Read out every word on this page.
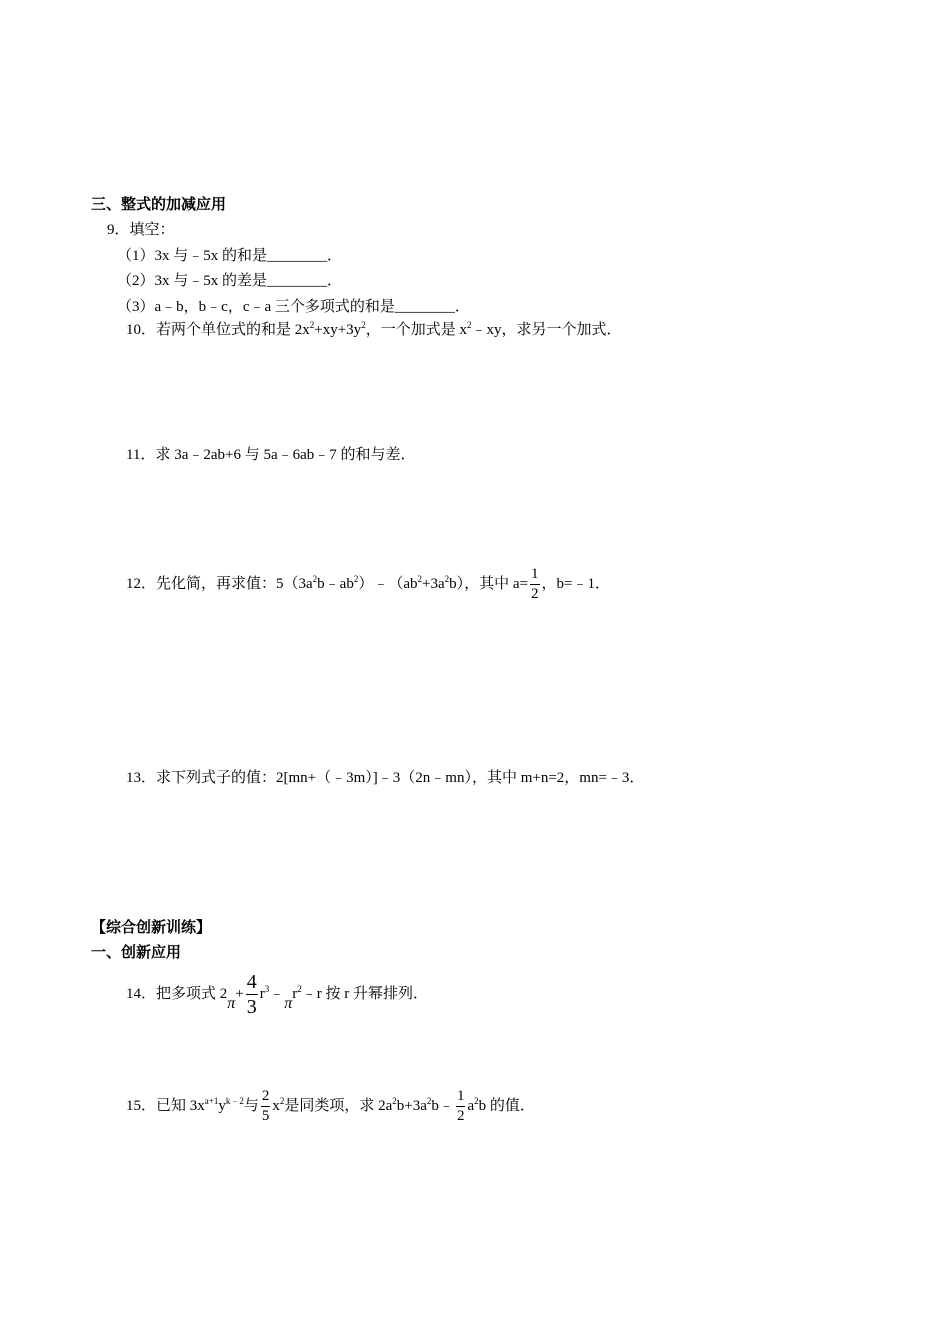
三、整式的加减应用
9．填空：
（1）3x 与﹣5x 的和是________．
（2）3x 与﹣5x 的差是________．
（3）a﹣b，b﹣c，c﹣a 三个多项式的和是________．
10．若两个单位式的和是 $2x^2+xy+3y^2$，一个加式是 $x^2﹣xy$，求另一个加式．
11．求 3a﹣2ab+6 与 5a﹣6ab﹣7 的和与差．
12．先化简，再求值：$5(3a^2b﹣ab^2)﹣(ab^2+3a^2b)$，其中 $a= \frac{1}{2}$ ，b=﹣1．
13．求下列式子的值：2[mn+（﹣3m）]﹣3（2n﹣mn），其中 m+n=2，mn=﹣3．
【综合创新训练】
一、创新应用
14．把多项式 $2\pi+ \frac{4}{3}$ $r^3﹣\pi r^2﹣r$ 按 r 升幂排列．
15．已知 $3x^{a+1}y^{k﹣2}$与 $\frac{2}{5} x^2$是同类项，求 $2a^2b+3a^2b﹣ \frac{1}{2} a^2b$ 的值．
